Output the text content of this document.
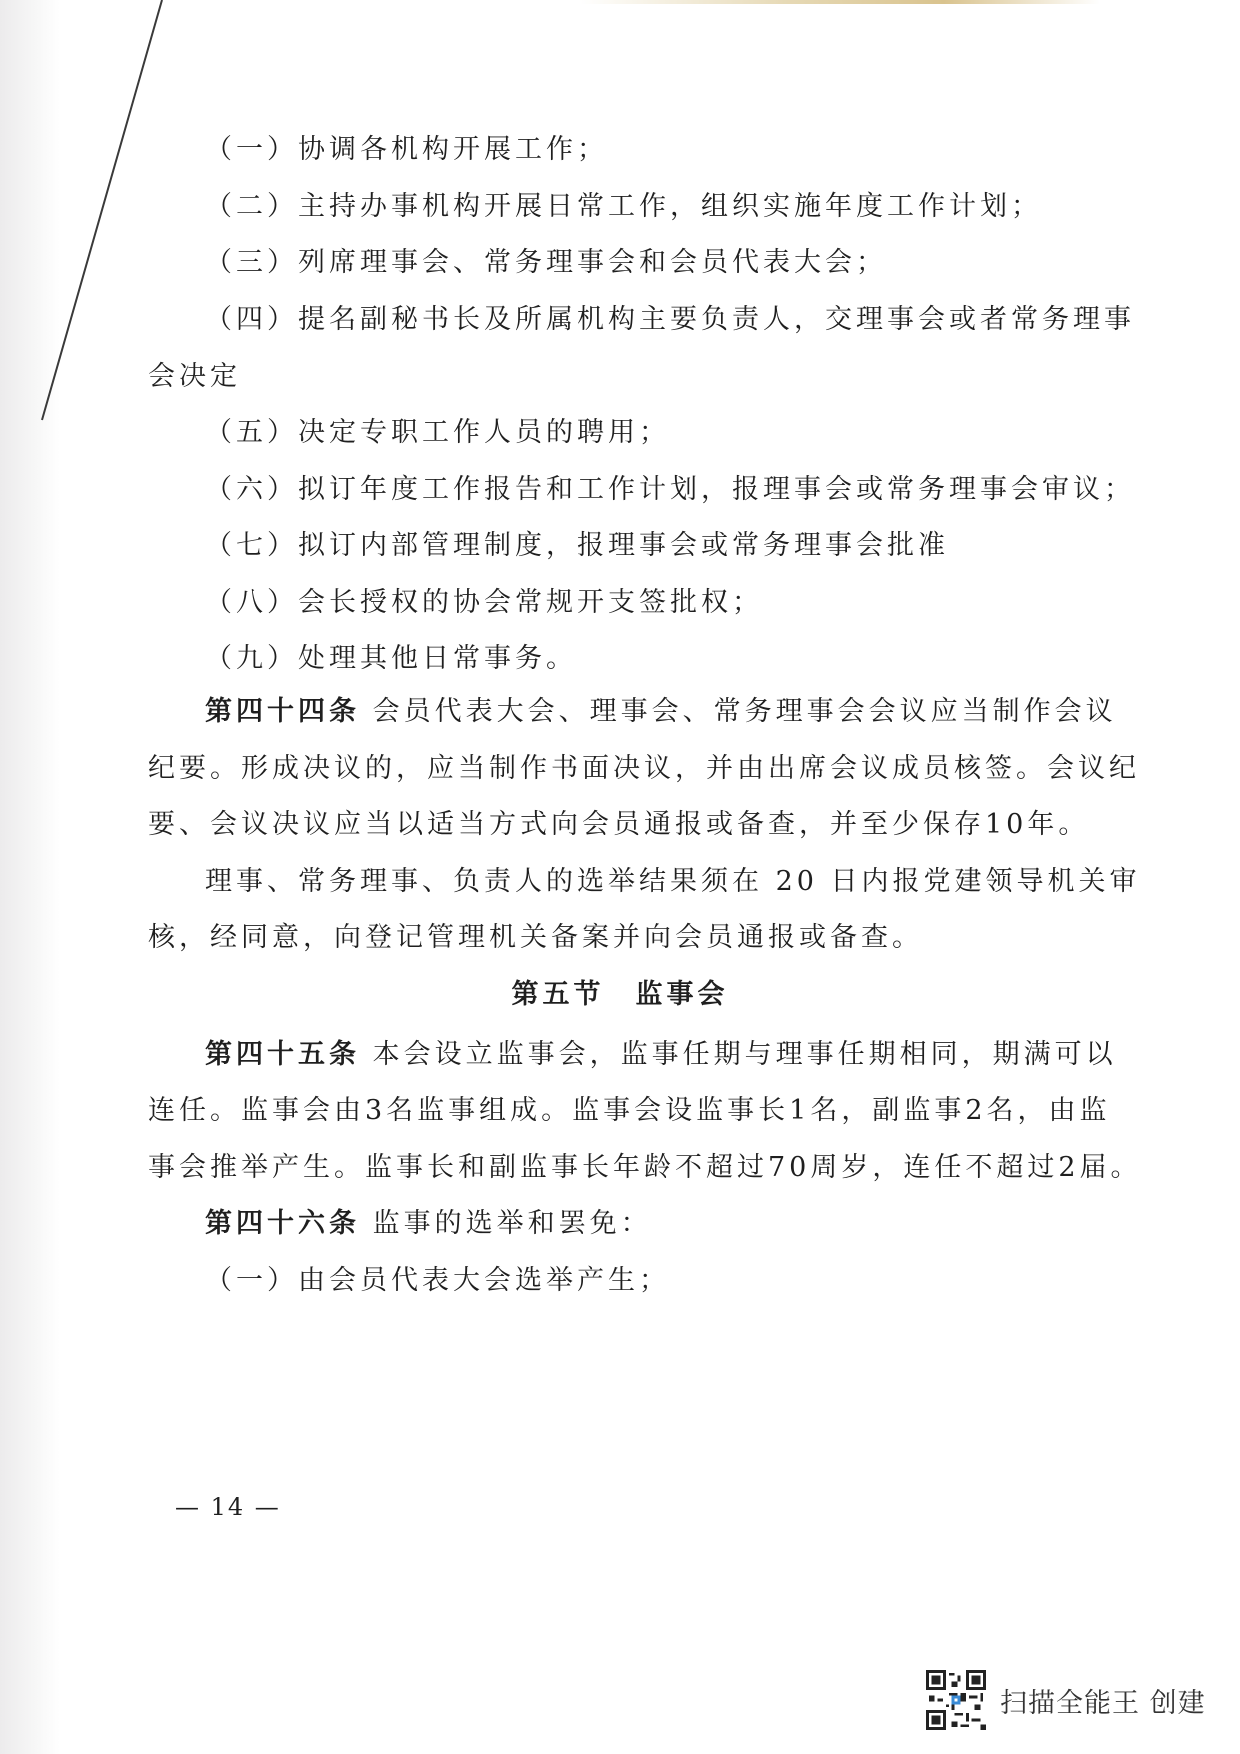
（一）协调各机构开展工作；
（二）主持办事机构开展日常工作，组织实施年度工作计划；
（三）列席理事会、常务理事会和会员代表大会；
（四）提名副秘书长及所属机构主要负责人，交理事会或者常务理事
会决定
（五）决定专职工作人员的聘用；
（六）拟订年度工作报告和工作计划，报理事会或常务理事会审议；
（七）拟订内部管理制度，报理事会或常务理事会批准
（八）会长授权的协会常规开支签批权；
（九）处理其他日常事务。
第四十四条 会员代表大会、理事会、常务理事会会议应当制作会议
纪要。形成决议的，应当制作书面决议，并由出席会议成员核签。会议纪
要、会议决议应当以适当方式向会员通报或备查，并至少保存10年。
理事、常务理事、负责人的选举结果须在 20 日内报党建领导机关审
核，经同意，向登记管理机关备案并向会员通报或备查。
第五节　监事会
第四十五条 本会设立监事会，监事任期与理事任期相同，期满可以
连任。监事会由3名监事组成。监事会设监事长1名，副监事2名，由监
事会推举产生。监事长和副监事长年龄不超过70周岁，连任不超过2届。
第四十六条 监事的选举和罢免：
（一）由会员代表大会选举产生；
— 14 —
扫描全能王 创建
